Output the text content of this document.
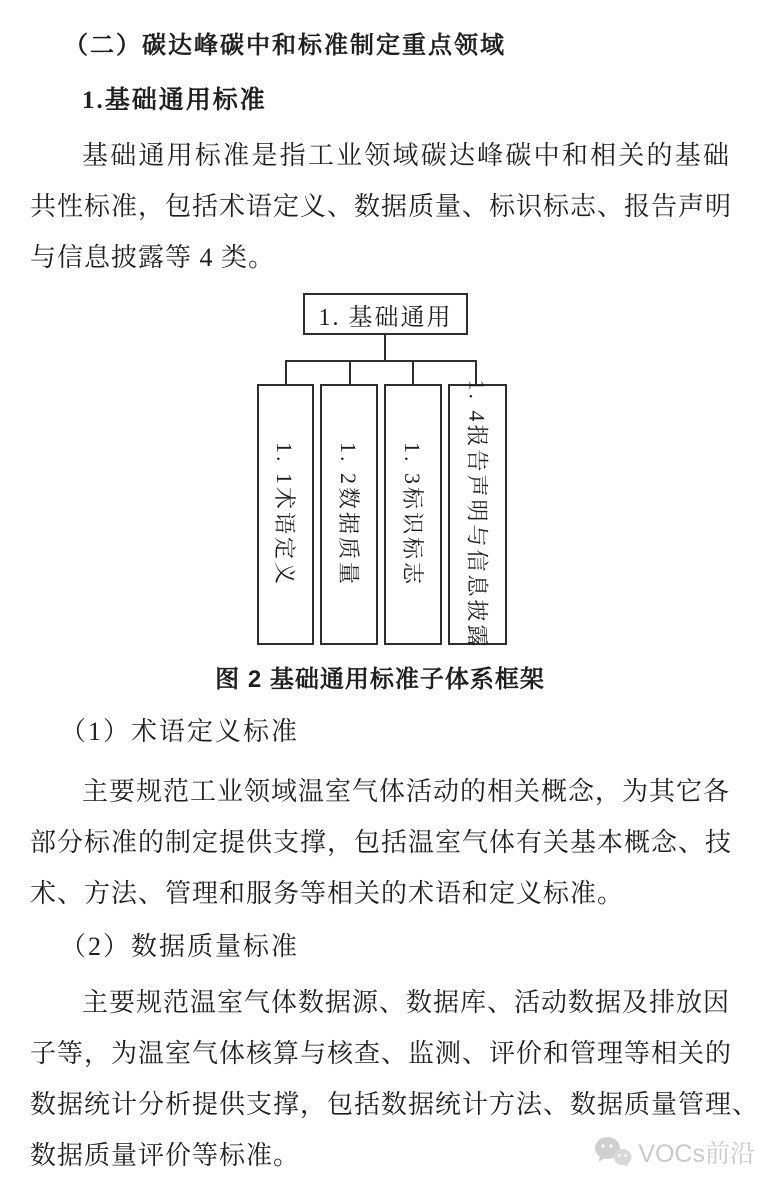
（二）碳达峰碳中和标准制定重点领域
1.基础通用标准
基础通用标准是指工业领域碳达峰碳中和相关的基础
共性标准，包括术语定义、数据质量、标识标志、报告声明
与信息披露等 4 类。
1. 基础通用
1. 1术语定义 1. 2数据质量 1. 3标识标志 1. 4报告声明与信息披露
图 2 基础通用标准子体系框架
（1）术语定义标准
主要规范工业领域温室气体活动的相关概念，为其它各
部分标准的制定提供支撑，包括温室气体有关基本概念、技
术、方法、管理和服务等相关的术语和定义标准。
（2）数据质量标准
主要规范温室气体数据源、数据库、活动数据及排放因
子等，为温室气体核算与核查、监测、评价和管理等相关的
数据统计分析提供支撑，包括数据统计方法、数据质量管理、
数据质量评价等标准。	VOCs前沿
